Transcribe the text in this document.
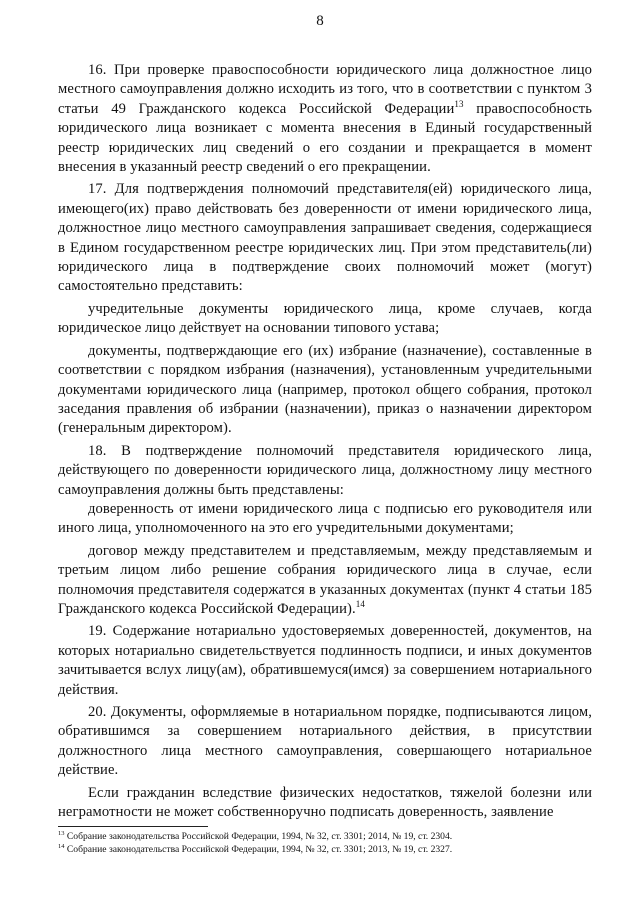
8

16. При проверке правоспособности юридического лица должностное лицо местного самоуправления должно исходить из того, что в соответствии с пунктом 3 статьи 49 Гражданского кодекса Российской Федерации$^{13}$ правоспособность юридического лица возникает с момента внесения в Единый государственный реестр юридических лиц сведений о его создании и прекращается в момент внесения в указанный реестр сведений о его прекращении.

17. Для подтверждения полномочий представителя(ей) юридического лица, имеющего(их) право действовать без доверенности от имени юридического лица, должностное лицо местного самоуправления запрашивает сведения, содержащиеся в Едином государственном реестре юридических лиц. При этом представитель(ли) юридического лица в подтверждение своих полномочий может (могут) самостоятельно представить:

учредительные документы юридического лица, кроме случаев, когда юридическое лицо действует на основании типового устава;

документы, подтверждающие его (их) избрание (назначение), составленные в соответствии с порядком избрания (назначения), установленным учредительными документами юридического лица (например, протокол общего собрания, протокол заседания правления об избрании (назначении), приказ о назначении директором (генеральным директором).

18. В подтверждение полномочий представителя юридического лица, действующего по доверенности юридического лица, должностному лицу местного самоуправления должны быть представлены:

доверенность от имени юридического лица с подписью его руководителя или иного лица, уполномоченного на это его учредительными документами;

договор между представителем и представляемым, между представляемым и третьим лицом либо решение собрания юридического лица в случае, если полномочия представителя содержатся в указанных документах (пункт 4 статьи 185 Гражданского кодекса Российской Федерации).$^{14}$

19. Содержание нотариально удостоверяемых доверенностей, документов, на которых нотариально свидетельствуется подлинность подписи, и иных документов зачитывается вслух лицу(ам), обратившемуся(имся) за совершением нотариального действия.

20. Документы, оформляемые в нотариальном порядке, подписываются лицом, обратившимся за совершением нотариального действия, в присутствии должностного лица местного самоуправления, совершающего нотариальное действие.

Если гражданин вследствие физических недостатков, тяжелой болезни или неграмотности не может собственноручно подписать доверенность, заявление

$^{13}$ Собрание законодательства Российской Федерации, 1994, № 32, ст. 3301; 2014, № 19, ст. 2304.

$^{14}$ Собрание законодательства Российской Федерации, 1994, № 32, ст. 3301; 2013, № 19, ст. 2327.
